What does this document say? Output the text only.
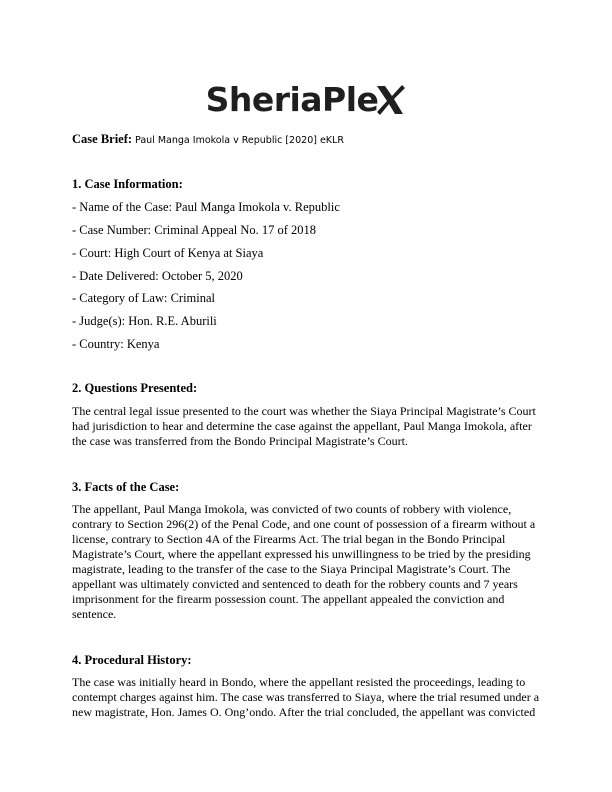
SheriaPle
Case Brief: Paul Manga Imokola v Republic [2020] eKLR
1. Case Information:
- Name of the Case: Paul Manga Imokola v. Republic
- Case Number: Criminal Appeal No. 17 of 2018
- Court: High Court of Kenya at Siaya
- Date Delivered: October 5, 2020
- Category of Law: Criminal
- Judge(s): Hon. R.E. Aburili
- Country: Kenya
2. Questions Presented:
The central legal issue presented to the court was whether the Siaya Principal Magistrate’s Court
had jurisdiction to hear and determine the case against the appellant, Paul Manga Imokola, after
the case was transferred from the Bondo Principal Magistrate’s Court.
3. Facts of the Case:
The appellant, Paul Manga Imokola, was convicted of two counts of robbery with violence,
contrary to Section 296(2) of the Penal Code, and one count of possession of a firearm without a
license, contrary to Section 4A of the Firearms Act. The trial began in the Bondo Principal
Magistrate’s Court, where the appellant expressed his unwillingness to be tried by the presiding
magistrate, leading to the transfer of the case to the Siaya Principal Magistrate’s Court. The
appellant was ultimately convicted and sentenced to death for the robbery counts and 7 years
imprisonment for the firearm possession count. The appellant appealed the conviction and
sentence.
4. Procedural History:
The case was initially heard in Bondo, where the appellant resisted the proceedings, leading to
contempt charges against him. The case was transferred to Siaya, where the trial resumed under a
new magistrate, Hon. James O. Ong’ondo. After the trial concluded, the appellant was convicted
